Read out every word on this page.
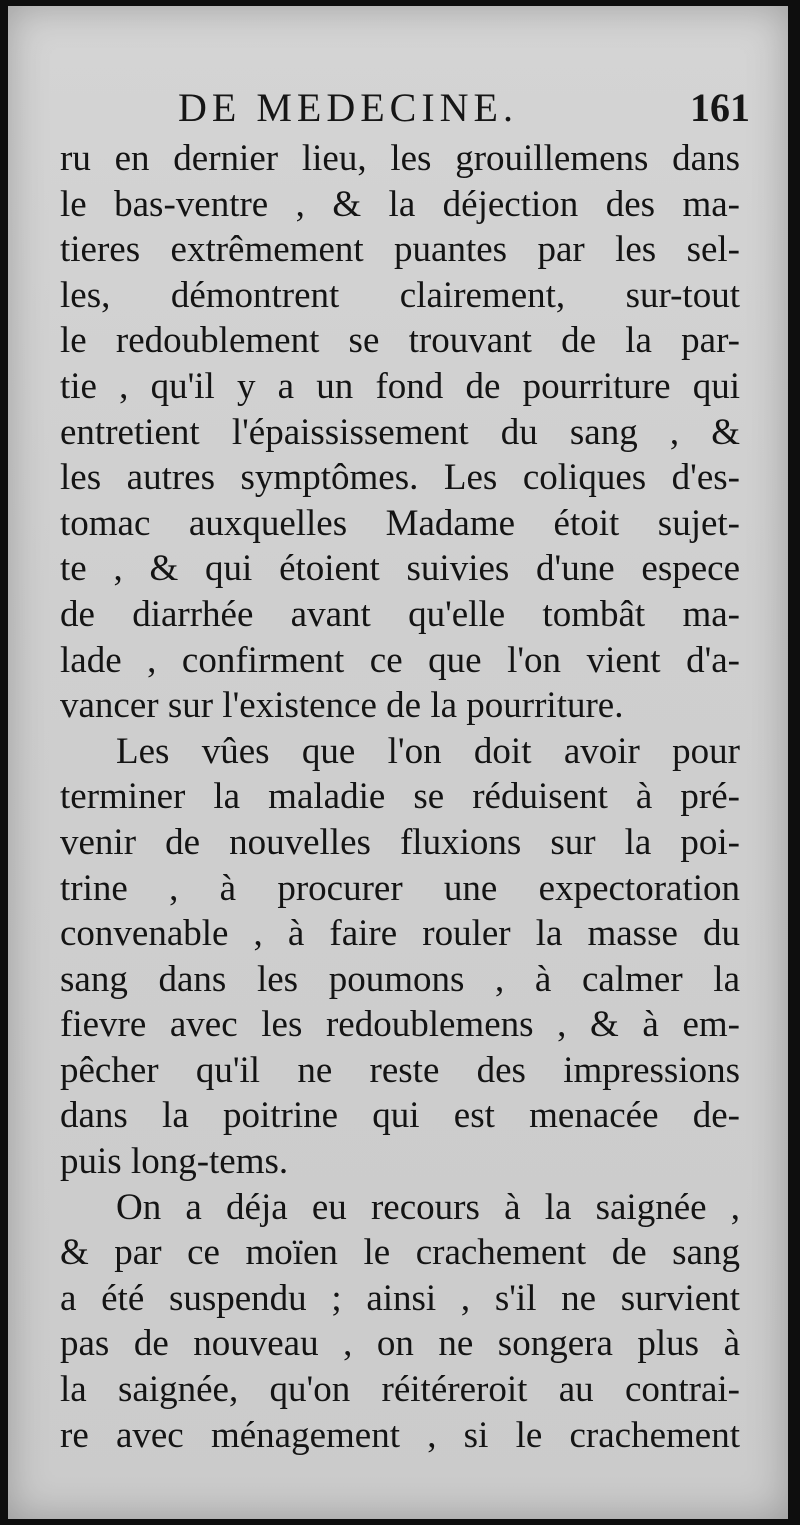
DE MEDECINE.	161
ru en dernier lieu, les grouillemens dans
le bas-ventre , & la déjection des ma-
tieres extrêmement puantes par les sel-
les, démontrent clairement, sur-tout
le redoublement se trouvant de la par-
tie , qu'il y a un fond de pourriture qui
entretient l'épaississement du sang , &
les autres symptômes. Les coliques d'es-
tomac auxquelles Madame étoit sujet-
te , & qui étoient suivies d'une espece
de diarrhée avant qu'elle tombât ma-
lade , confirment ce que l'on vient d'a-
vancer sur l'existence de la pourriture.
Les vûes que l'on doit avoir pour
terminer la maladie se réduisent à pré-
venir de nouvelles fluxions sur la poi-
trine , à procurer une expectoration
convenable , à faire rouler la masse du
sang dans les poumons , à calmer la
fievre avec les redoublemens , & à em-
pêcher qu'il ne reste des impressions
dans la poitrine qui est menacée de-
puis long-tems.
On a déja eu recours à la saignée ,
& par ce moïen le crachement de sang
a été suspendu ; ainsi , s'il ne survient
pas de nouveau , on ne songera plus à
la saignée, qu'on réitéreroit au contrai-
re avec ménagement , si le crachement
